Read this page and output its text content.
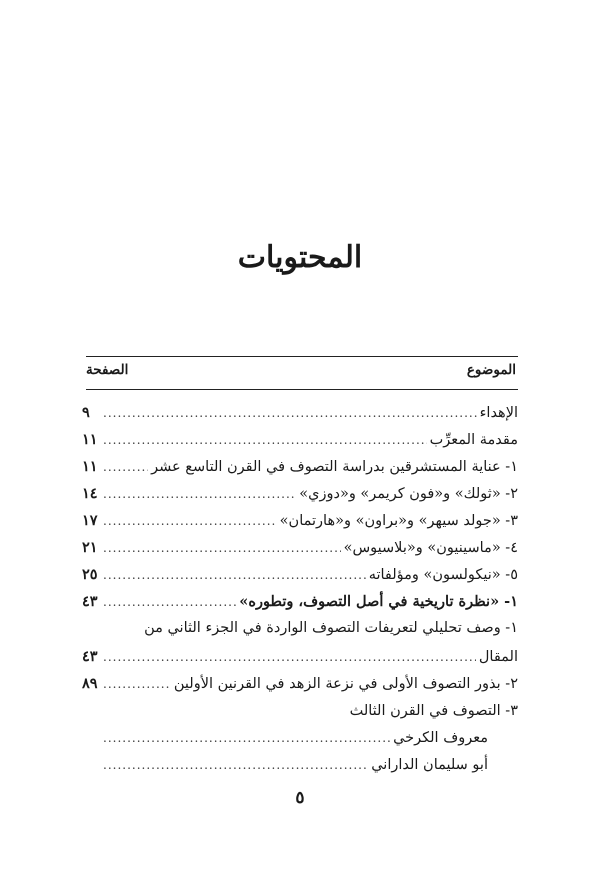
المحتويات
الموضوع
الصفحة
الإهداء
.....
٩
مقدمة المعرِّب
.....
١١
١- عناية المستشرقين بدراسة التصوف في القرن التاسع عشر
.....
١١
٢- «ثولك» و«فون كريمر» و«دوزي»
.....
١٤
٣- «جولد سيهر» و«براون» و«هارتمان»
.....
١٧
٤- «ماسينيون» و«بلاسيوس»
.....
٢١
٥- «نيكولسون» ومؤلفاته
.....
٢٥
١- «نظرة تاريخية في أصل التصوف، وتطوره»
.....
٤٣
١- وصف تحليلي لتعريفات التصوف الواردة في الجزء الثاني من
المقال
.....
٤٣
٢- بذور التصوف الأولى في نزعة الزهد في القرنين الأولين
.....
٨٩
٣- التصوف في القرن الثالث
معروف الكرخي
.....
أبو سليمان الداراني
.....
٥
